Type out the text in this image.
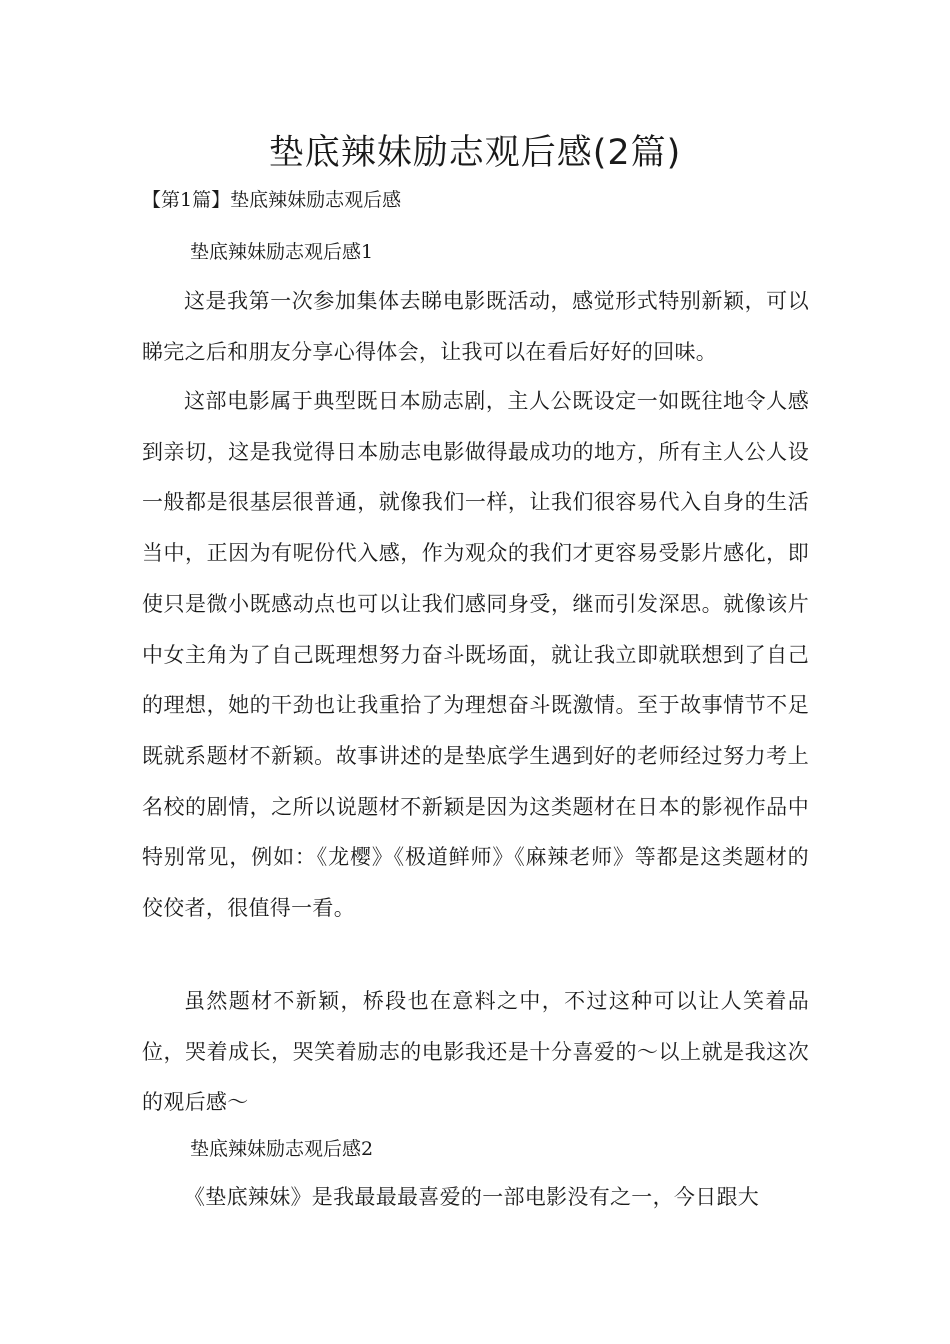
垫底辣妹励志观后感(2篇)
【第1篇】垫底辣妹励志观后感
垫底辣妹励志观后感1

这是我第一次参加集体去睇电影既活动，感觉形式特别新颖，可以睇完之后和朋友分享心得体会，让我可以在看后好好的回味。

这部电影属于典型既日本励志剧，主人公既设定一如既往地令人感到亲切，这是我觉得日本励志电影做得最成功的地方，所有主人公人设一般都是很基层很普通，就像我们一样，让我们很容易代入自身的生活当中，正因为有呢份代入感，作为观众的我们才更容易受影片感化，即使只是微小既感动点也可以让我们感同身受，继而引发深思。就像该片中女主角为了自己既理想努力奋斗既场面，就让我立即就联想到了自己的理想，她的干劲也让我重拾了为理想奋斗既激情。至于故事情节不足既就系题材不新颖。故事讲述的是垫底学生遇到好的老师经过努力考上名校的剧情，之所以说题材不新颖是因为这类题材在日本的影视作品中特别常见，例如：《龙樱》《极道鲜师》《麻辣老师》等都是这类题材的佼佼者，很值得一看。

虽然题材不新颖，桥段也在意料之中，不过这种可以让人笑着品位，哭着成长，哭笑着励志的电影我还是十分喜爱的～以上就是我这次的观后感～

垫底辣妹励志观后感2

《垫底辣妹》是我最最最喜爱的一部电影没有之一，今日跟大
